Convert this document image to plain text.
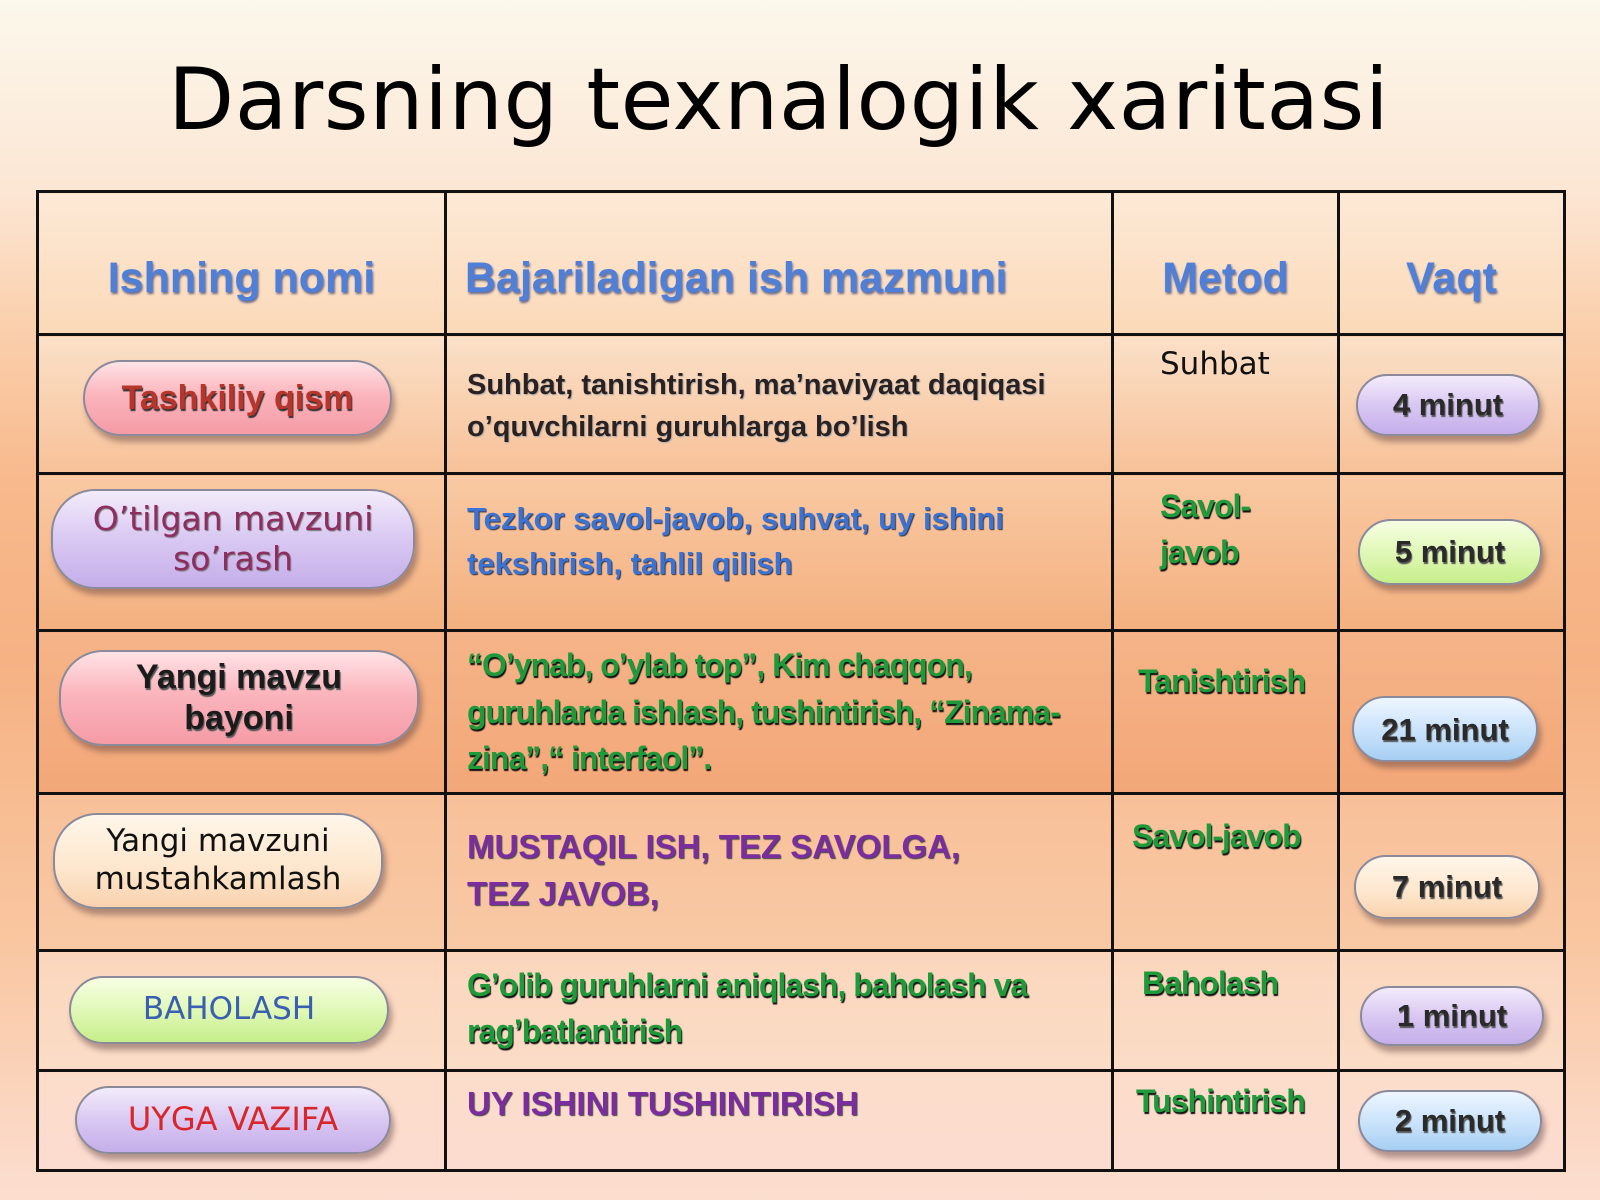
Darsning texnalogik xaritasi
Ishning nomi	Bajariladigan ish mazmuni	Metod	Vaqt

Tashkiliy qism	Suhbat, tanishtirish, ma’naviyaat daqiqasi o’quvchilarni guruhlarga bo’lish	Suhbat	4 minut

O’tilgan mavzuni so’rash	Tezkor savol-javob, suhvat, uy ishini tekshirish, tahlil qilish	Savol-javob	5 minut

Yangi mavzu bayoni	“O’ynab, o’ylab top”, Kim chaqqon, guruhlarda ishlash, tushintirish, “Zinama-zina”,“ interfaol”.	Tanishtirish	21 minut

Yangi mavzuni mustahkamlash	MUSTAQIL ISH, TEZ SAVOLGA, TEZ JAVOB,	Savol-javob	7 minut

BAHOLASH	G’olib guruhlarni aniqlash, baholash va rag’batlantirish	Baholash	1 minut

UYGA VAZIFA	UY ISHINI TUSHINTIRISH	Tushintirish	2 minut
